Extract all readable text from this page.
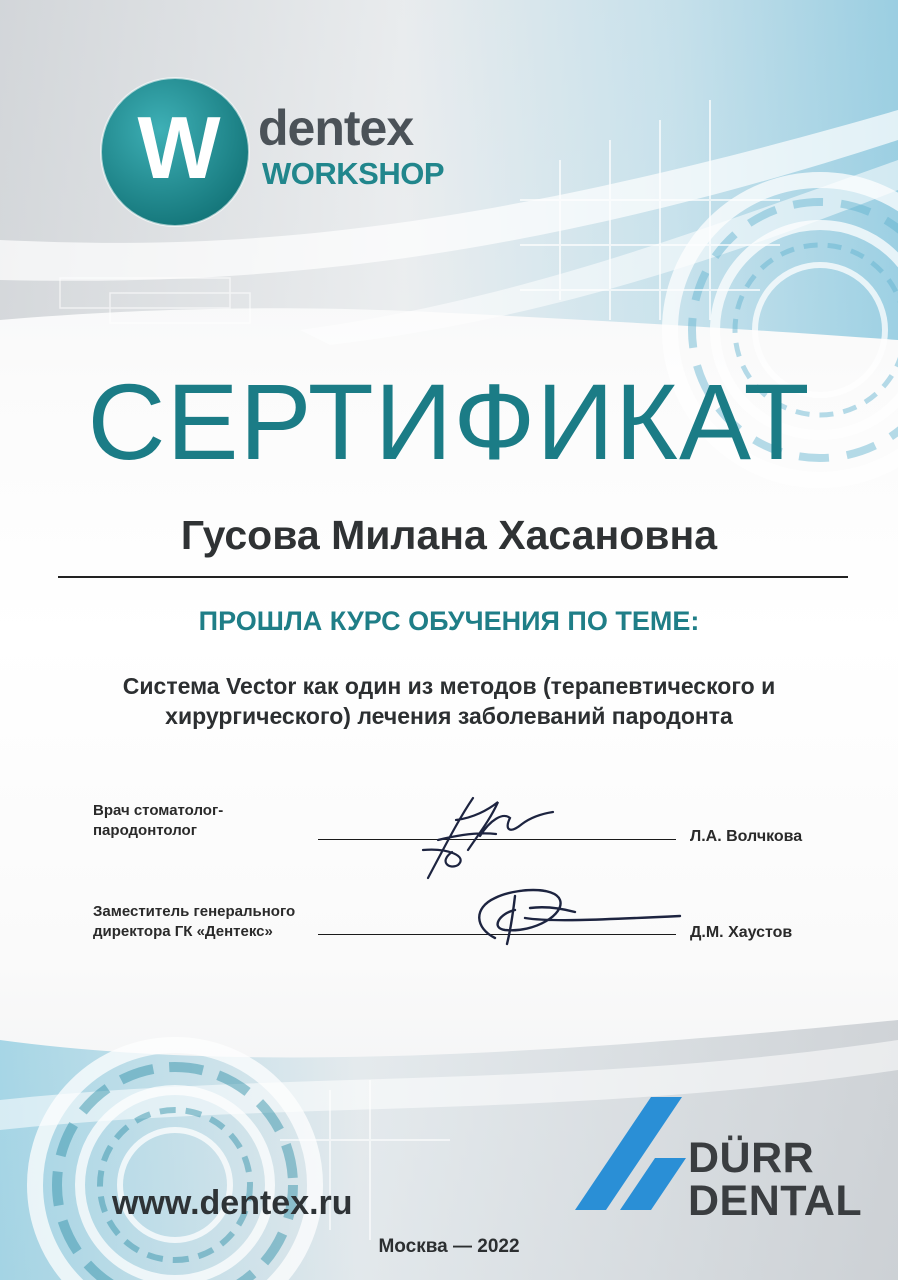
W dentex
WORKSHOP
СЕРТИФИКАТ
Гусова Милана Хасановна
ПРОШЛА КУРС ОБУЧЕНИЯ ПО ТЕМЕ:
Система Vector как один из методов (терапевтического и
хирургического) лечения заболеваний пародонта
Врач стоматолог-
пародонтолог	Л.А. Волчкова
Заместитель генерального
директора ГК «Дентекс»	Д.М. Хаустов
www.dentex.ru
DÜRR
DENTAL
Москва — 2022
